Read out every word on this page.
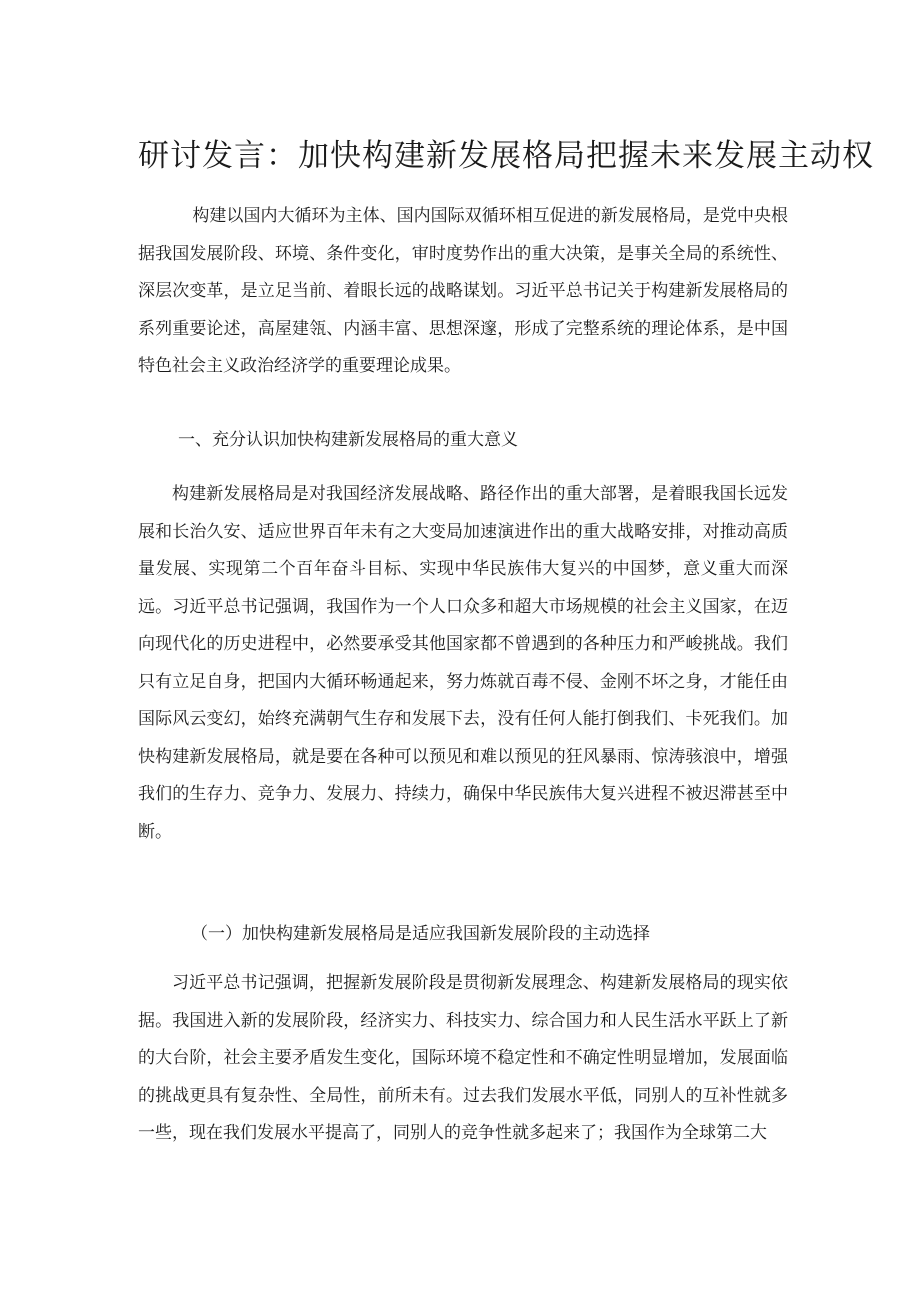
研讨发言：加快构建新发展格局把握未来发展主动权

构建以国内大循环为主体、国内国际双循环相互促进的新发展格局，是党中央根据我国发展阶段、环境、条件变化，审时度势作出的重大决策，是事关全局的系统性、深层次变革，是立足当前、着眼长远的战略谋划。习近平总书记关于构建新发展格局的系列重要论述，高屋建瓴、内涵丰富、思想深邃，形成了完整系统的理论体系，是中国特色社会主义政治经济学的重要理论成果。

一、充分认识加快构建新发展格局的重大意义

构建新发展格局是对我国经济发展战略、路径作出的重大部署，是着眼我国长远发展和长治久安、适应世界百年未有之大变局加速演进作出的重大战略安排，对推动高质量发展、实现第二个百年奋斗目标、实现中华民族伟大复兴的中国梦，意义重大而深远。习近平总书记强调，我国作为一个人口众多和超大市场规模的社会主义国家，在迈向现代化的历史进程中，必然要承受其他国家都不曾遇到的各种压力和严峻挑战。我们只有立足自身，把国内大循环畅通起来，努力炼就百毒不侵、金刚不坏之身，才能任由国际风云变幻，始终充满朝气生存和发展下去，没有任何人能打倒我们、卡死我们。加快构建新发展格局，就是要在各种可以预见和难以预见的狂风暴雨、惊涛骇浪中，增强我们的生存力、竞争力、发展力、持续力，确保中华民族伟大复兴进程不被迟滞甚至中断。

（一）加快构建新发展格局是适应我国新发展阶段的主动选择

习近平总书记强调，把握新发展阶段是贯彻新发展理念、构建新发展格局的现实依据。我国进入新的发展阶段，经济实力、科技实力、综合国力和人民生活水平跃上了新的大台阶，社会主要矛盾发生变化，国际环境不稳定性和不确定性明显增加，发展面临的挑战更具有复杂性、全局性，前所未有。过去我们发展水平低，同别人的互补性就多一些，现在我们发展水平提高了，同别人的竞争性就多起来了；我国作为全球第二大
